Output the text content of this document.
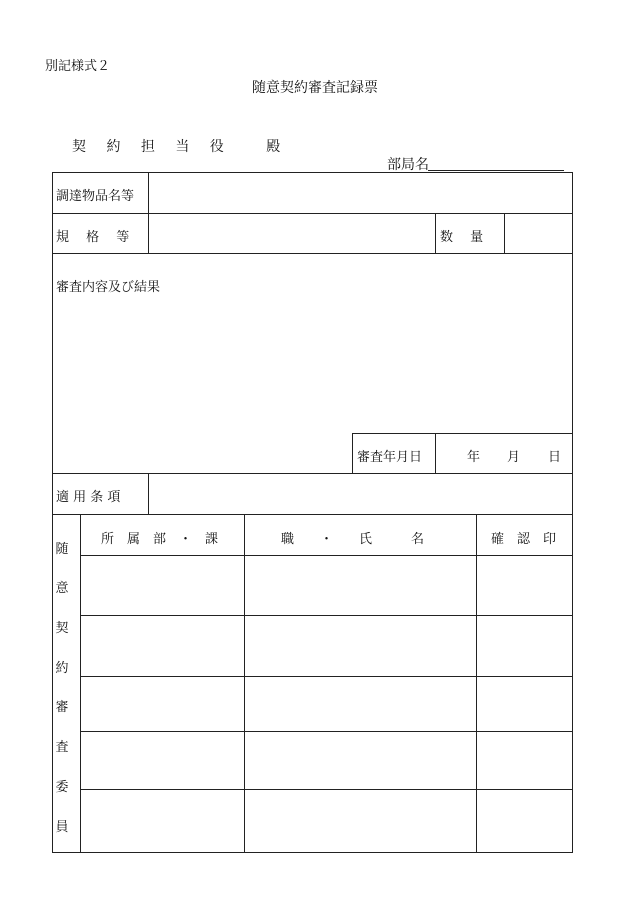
別記様式２
随意契約審査記録票
契 約 担 当 役　 殿
部局名
調達物品名等
規　 格　 等	数　 量
審査内容及び結果
審査年月日	年 月 日
適 用 条 項
随
意
契
約
審
査
委
員
所　属　部　・　課	職　　・　　氏　　　名	確　認　印
